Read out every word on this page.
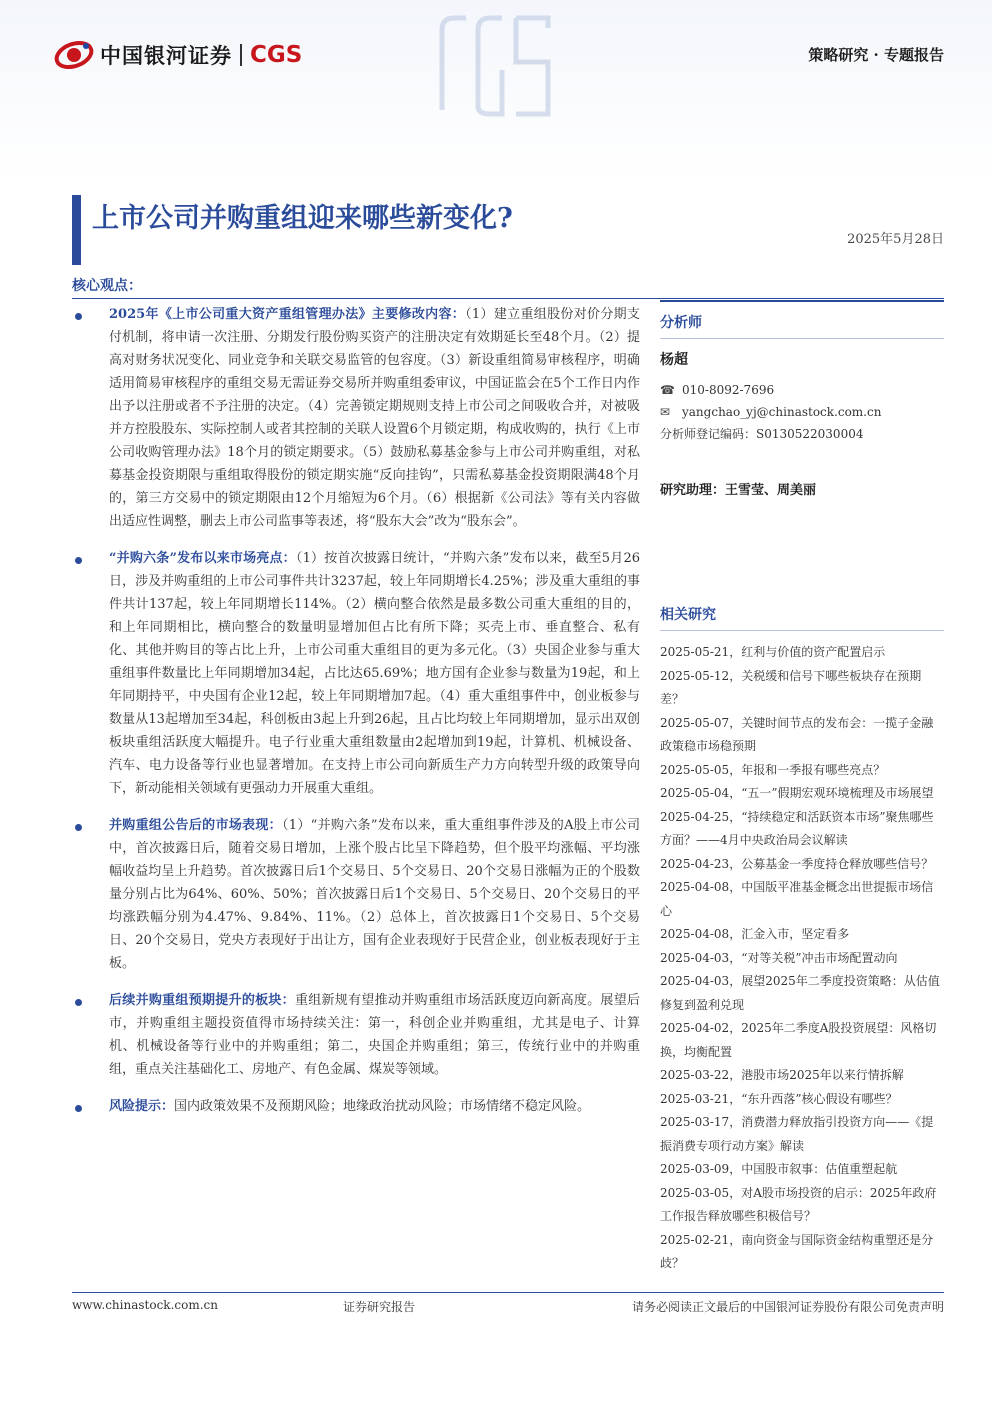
中国银河证券 CGS	策略研究 · 专题报告
上市公司并购重组迎来哪些新变化?
2025年5月28日
核心观点：

2025年《上市公司重大资产重组管理办法》主要修改内容：（1）建立重组股份对价分期支付机制，将申请一次注册、分期发行股份购买资产的注册决定有效期延长至48个月。（2）提高对财务状况变化、同业竞争和关联交易监管的包容度。（3）新设重组简易审核程序，明确适用简易审核程序的重组交易无需证券交易所并购重组委审议，中国证监会在5个工作日内作出予以注册或者不予注册的决定。（4）完善锁定期规则支持上市公司之间吸收合并，对被吸并方控股股东、实际控制人或者其控制的关联人设置6个月锁定期，构成收购的，执行《上市公司收购管理办法》18个月的锁定期要求。（5）鼓励私募基金参与上市公司并购重组，对私募基金投资期限与重组取得股份的锁定期实施“反向挂钩”，只需私募基金投资期限满48个月的，第三方交易中的锁定期限由12个月缩短为6个月。（6）根据新《公司法》等有关内容做出适应性调整，删去上市公司监事等表述，将“股东大会”改为“股东会”。

“并购六条”发布以来市场亮点：（1）按首次披露日统计，“并购六条”发布以来，截至5月26日，涉及并购重组的上市公司事件共计3237起，较上年同期增长4.25%；涉及重大重组的事件共计137起，较上年同期增长114%。（2）横向整合依然是最多数公司重大重组的目的，和上年同期相比，横向整合的数量明显增加但占比有所下降；买壳上市、垂直整合、私有化、其他并购目的等占比上升，上市公司重大重组目的更为多元化。（3）央国企业参与重大重组事件数量比上年同期增加34起，占比达65.69%；地方国有企业参与数量为19起，和上年同期持平，中央国有企业12起，较上年同期增加7起。（4）重大重组事件中，创业板参与数量从13起增加至34起，科创板由3起上升到26起，且占比均较上年同期增加，显示出双创板块重组活跃度大幅提升。电子行业重大重组数量由2起增加到19起，计算机、机械设备、汽车、电力设备等行业也显著增加。在支持上市公司向新质生产力方向转型升级的政策导向下，新动能相关领域有更强动力开展重大重组。

并购重组公告后的市场表现：（1）“并购六条”发布以来，重大重组事件涉及的A股上市公司中，首次披露日后，随着交易日增加，上涨个股占比呈下降趋势，但个股平均涨幅、平均涨幅收益均呈上升趋势。首次披露日后1个交易日、5个交易日、20个交易日涨幅为正的个股数量分别占比为64%、60%、50%；首次披露日后1个交易日、5个交易日、20个交易日的平均涨跌幅分别为4.47%、9.84%、11%。（2）总体上，首次披露日1个交易日、5个交易日、20个交易日，党央方表现好于出让方，国有企业表现好于民营企业，创业板表现好于主板。

后续并购重组预期提升的板块：重组新规有望推动并购重组市场活跃度迈向新高度。展望后市，并购重组主题投资值得市场持续关注：第一，科创企业并购重组，尤其是电子、计算机、机械设备等行业中的并购重组；第二，央国企并购重组；第三，传统行业中的并购重组，重点关注基础化工、房地产、有色金属、煤炭等领域。

风险提示：国内政策效果不及预期风险；地缘政治扰动风险；市场情绪不稳定风险。

分析师
杨超
☎ 010-8092-7696
✉ yangchao_yj@chinastock.com.cn
分析师登记编码：S0130522030004
研究助理：王雪莹、周美丽
相关研究
2025-05-21，红利与价值的资产配置启示
2025-05-12，关税缓和信号下哪些板块存在预期差？
2025-05-07，关键时间节点的发布会：一揽子金融政策稳市场稳预期
2025-05-05，年报和一季报有哪些亮点？
2025-05-04，“五一”假期宏观环境梳理及市场展望
2025-04-25，“持续稳定和活跃资本市场”聚焦哪些方面？——4月中央政治局会议解读
2025-04-23，公募基金一季度持仓释放哪些信号？
2025-04-08，中国版平准基金概念出世提振市场信心
2025-04-08，汇金入市，坚定看多
2025-04-03，“对等关税”冲击市场配置动向
2025-04-03，展望2025年二季度投资策略：从估值修复到盈利兑现
2025-04-02，2025年二季度A股投资展望：风格切换，均衡配置
2025-03-22，港股市场2025年以来行情拆解
2025-03-21，“东升西落”核心假设有哪些？
2025-03-17，消费潜力释放指引投资方向——《提振消费专项行动方案》解读
2025-03-09，中国股市叙事：估值重塑起航
2025-03-05，对A股市场投资的启示：2025年政府工作报告释放哪些积极信号？
2025-02-21，南向资金与国际资金结构重塑还是分歧？
www.chinastock.com.cn	证券研究报告	请务必阅读正文最后的中国银河证券股份有限公司免责声明
